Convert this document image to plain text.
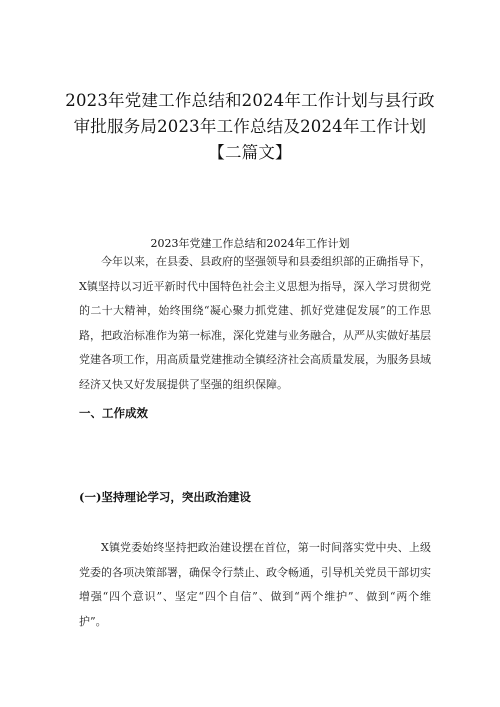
2023年党建工作总结和2024年工作计划与县行政审批服务局2023年工作总结及2024年工作计划【二篇文】
2023年党建工作总结和2024年工作计划

今年以来，在县委、县政府的坚强领导和县委组织部的正确指导下，X镇坚持以习近平新时代中国特色社会主义思想为指导，深入学习贯彻党的二十大精神，始终围绕“凝心聚力抓党建、抓好党建促发展”的工作思路，把政治标准作为第一标准，深化党建与业务融合，从严从实做好基层党建各项工作，用高质量党建推动全镇经济社会高质量发展，为服务县域经济又快又好发展提供了坚强的组织保障。

一、工作成效
(一)坚持理论学习，突出政治建设

X镇党委始终坚持把政治建设摆在首位，第一时间落实党中央、上级党委的各项决策部署，确保令行禁止、政令畅通，引导机关党员干部切实增强“四个意识”、坚定“四个自信”、做到“两个维护”、做到“两个维护”。
